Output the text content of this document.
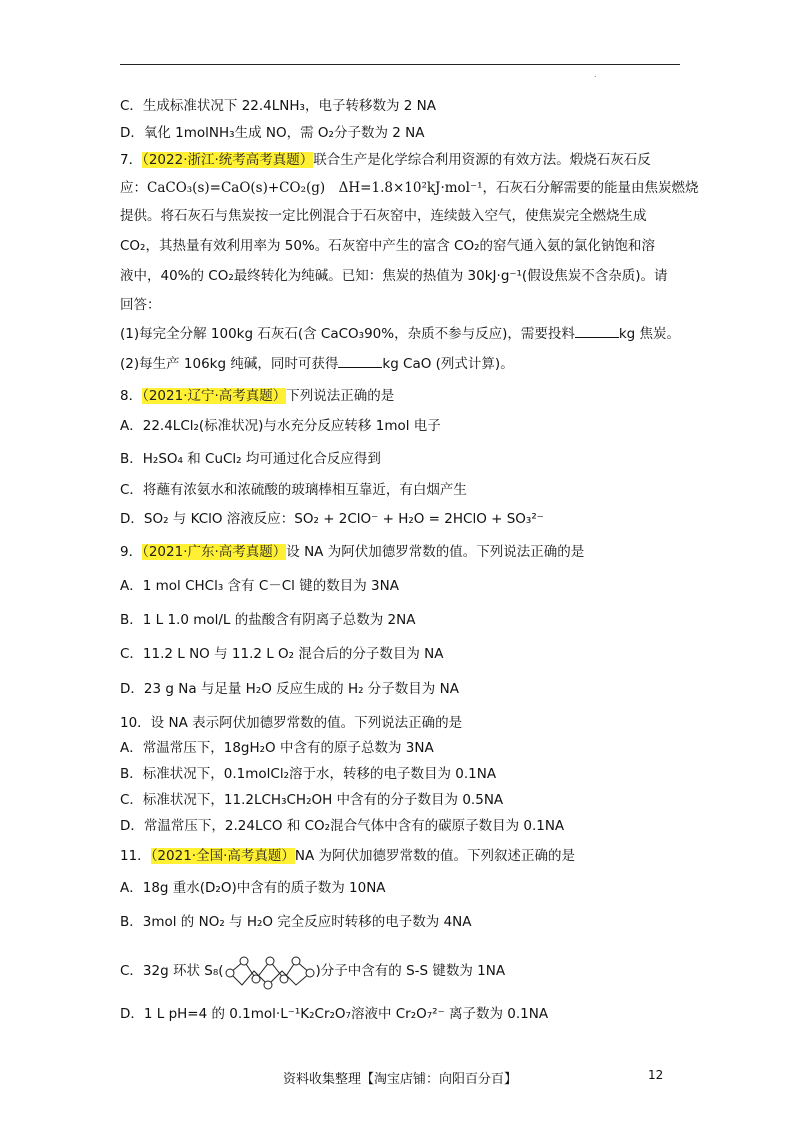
.
C．生成标准状况下 22.4LNH₃，电子转移数为 2 NA
D．氧化 1molNH₃生成 NO，需 O₂分子数为 2 NA
7．（2022·浙江·统考高考真题）联合生产是化学综合利用资源的有效方法。煅烧石灰石反
应：CaCO₃(s)=CaO(s)+CO₂(g)　ΔH=1.8×10²kJ·mol⁻¹，石灰石分解需要的能量由焦炭燃烧
提供。将石灰石与焦炭按一定比例混合于石灰窑中，连续鼓入空气，使焦炭完全燃烧生成
CO₂，其热量有效利用率为 50%。石灰窑中产生的富含 CO₂的窑气通入氨的氯化钠饱和溶
液中，40%的 CO₂最终转化为纯碱。已知：焦炭的热值为 30kJ·g⁻¹(假设焦炭不含杂质)。请
回答：
(1)每完全分解 100kg 石灰石(含 CaCO₃90%，杂质不参与反应)，需要投料	kg 焦炭。
(2)每生产 106kg 纯碱，同时可获得	kg CaO (列式计算)。
8．（2021·辽宁·高考真题）下列说法正确的是
A．22.4LCl₂(标准状况)与水充分反应转移 1mol 电子
B．H₂SO₄ 和 CuCl₂ 均可通过化合反应得到
C．将蘸有浓氨水和浓硫酸的玻璃棒相互靠近，有白烟产生
D．SO₂ 与 KClO 溶液反应：SO₂ + 2ClO⁻ + H₂O = 2HClO + SO₃²⁻
9．（2021·广东·高考真题）设 NA 为阿伏加德罗常数的值。下列说法正确的是
A．1 mol CHCl₃ 含有 C－Cl 键的数目为 3NA
B．1 L 1.0 mol/L 的盐酸含有阴离子总数为 2NA
C．11.2 L NO 与 11.2 L O₂ 混合后的分子数目为 NA
D．23 g Na 与足量 H₂O 反应生成的 H₂ 分子数目为 NA
10．设 NA 表示阿伏加德罗常数的值。下列说法正确的是
A．常温常压下，18gH₂O 中含有的原子总数为 3NA
B．标准状况下，0.1molCl₂溶于水，转移的电子数目为 0.1NA
C．标准状况下，11.2LCH₃CH₂OH 中含有的分子数目为 0.5NA
D．常温常压下，2.24LCO 和 CO₂混合气体中含有的碳原子数目为 0.1NA
11．（2021·全国·高考真题）NA 为阿伏加德罗常数的值。下列叙述正确的是
A．18g 重水(D₂O)中含有的质子数为 10NA
B．3mol 的 NO₂ 与 H₂O 完全反应时转移的电子数为 4NA
C．32g 环状 S₈(	)分子中含有的 S-S 键数为 1NA
D．1 L pH=4 的 0.1mol·L⁻¹K₂Cr₂O₇溶液中 Cr₂O₇²⁻ 离子数为 0.1NA
资料收集整理【淘宝店铺：向阳百分百】	12
